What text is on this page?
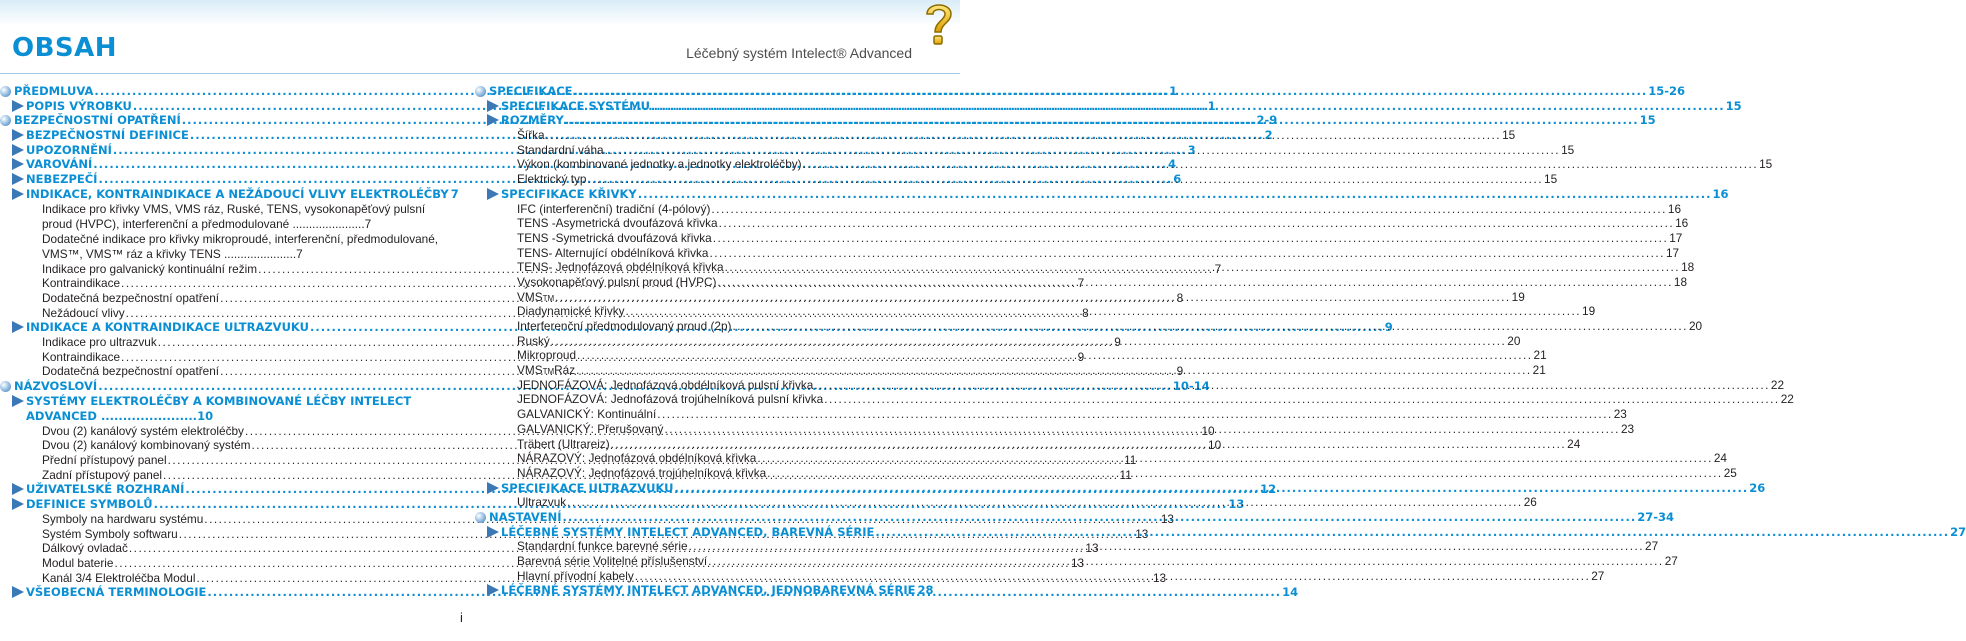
OBSAH	Léčebný systém Intelect® Advanced
PŘEDMLUVA .....	1
POPIS VÝROBKU .....	1
BEZPEČNOSTNÍ OPATŘENÍ .....	2-9
BEZPEČNOSTNÍ DEFINICE .....	2
UPOZORNĚNÍ .....	3
VAROVÁNÍ .....	4
NEBEZPEČÍ .....	6
INDIKACE, KONTRAINDIKACE A NEŽÁDOUCÍ VLIVY ELEKTROLÉČBY 7
Indikace pro křivky VMS, VMS ráz, Ruské, TENS, vysokonapěťový pulsní proud (HVPC), interferenční a předmodulované ......................7
Dodatečné indikace pro křivky mikroproudé, interferenční, předmodulované, VMS™, VMS™ ráz a křivky TENS ......................7
Indikace pro galvanický kontinuální režim .....	7
Kontraindikace .....	7
Dodatečná bezpečnostní opatření .....	8
Nežádoucí vlivy .....	8
INDIKACE A KONTRAINDIKACE ULTRAZVUKU .....	9
Indikace pro ultrazvuk .....	9
Kontraindikace .....	9
Dodatečná bezpečnostní opatření .....	9
NÁZVOSLOVÍ .....	10-14
SYSTÉMY ELEKTROLÉČBY A KOMBINOVANÉ LÉČBY INTELECT ADVANCED ......................10
Dvou (2) kanálový systém elektroléčby .....	10
Dvou (2) kanálový kombinovaný systém .....	10
Přední přístupový panel .....	11
Zadní přístupový panel .....	11
UŽIVATELSKÉ ROZHRANÍ .....	12
DEFINICE SYMBOLŮ .....	13
Symboly na hardwaru systému .....	13
Systém Symboly softwaru .....	13
Dálkový ovladač .....	13
Modul baterie .....	13
Kanál 3/4 Elektroléčba Modul .....	13
VŠEOBECNÁ TERMINOLOGIE .....	14
SPECIFIKACE .....	15-26
SPECIFIKACE SYSTÉMU .....	15
ROZMĚRY .....	15
Šířka .....	15
Standardní váha .....	15
Výkon (kombinované jednotky a jednotky elektroléčby) .....	15
Elektrický typ .....	15
SPECIFIKACE KŘIVKY .....	16
IFC (interferenční) tradiční (4-pólový) .....	16
TENS -Asymetrická dvoufázová křivka .....	16
TENS -Symetrická dvoufázová křivka .....	17
TENS- Alternující obdélníková křivka .....	17
TENS- Jednofázová obdélníková křivka .....	18
Vysokonapěťový pulsní proud (HVPC) .....	18
VMS TM .....	19
Diadynamické křivky .....	19
Interferenční předmodulovaný proud (2p) .....	20
Ruský .....	20
Mikroproud .....	21
VMS TM Ráz .....	21
JEDNOFÁZOVÁ: Jednofázová obdélníková pulsní křivka .....	22
JEDNOFÁZOVÁ: Jednofázová trojúhelníková pulsní křivka .....	22
GALVANICKÝ: Kontinuální .....	23
GALVANICKÝ: Přerušovaný .....	23
Träbert (Ultrareiz) .....	24
NÁRAZOVÝ: Jednofázová obdélníková křivka .....	24
NÁRAZOVÝ: Jednofázová trojúhelníková křivka .....	25
SPECIFIKACE ULTRAZVUKU .....	26
Ultrazvuk .....	26
NASTAVENÍ .....	27-34
LÉČEBNÉ SYSTÉMY INTELECT ADVANCED, BAREVNÁ SÉRIE .....	27
Standardní funkce barevné série .....	27
Barevná série Volitelné příslušenství .....	27
Hlavní přívodní kabely .....	27
LÉČEBNÉ SYSTÉMY INTELECT ADVANCED, JEDNOBAREVNÁ SÉRIE 28
i
